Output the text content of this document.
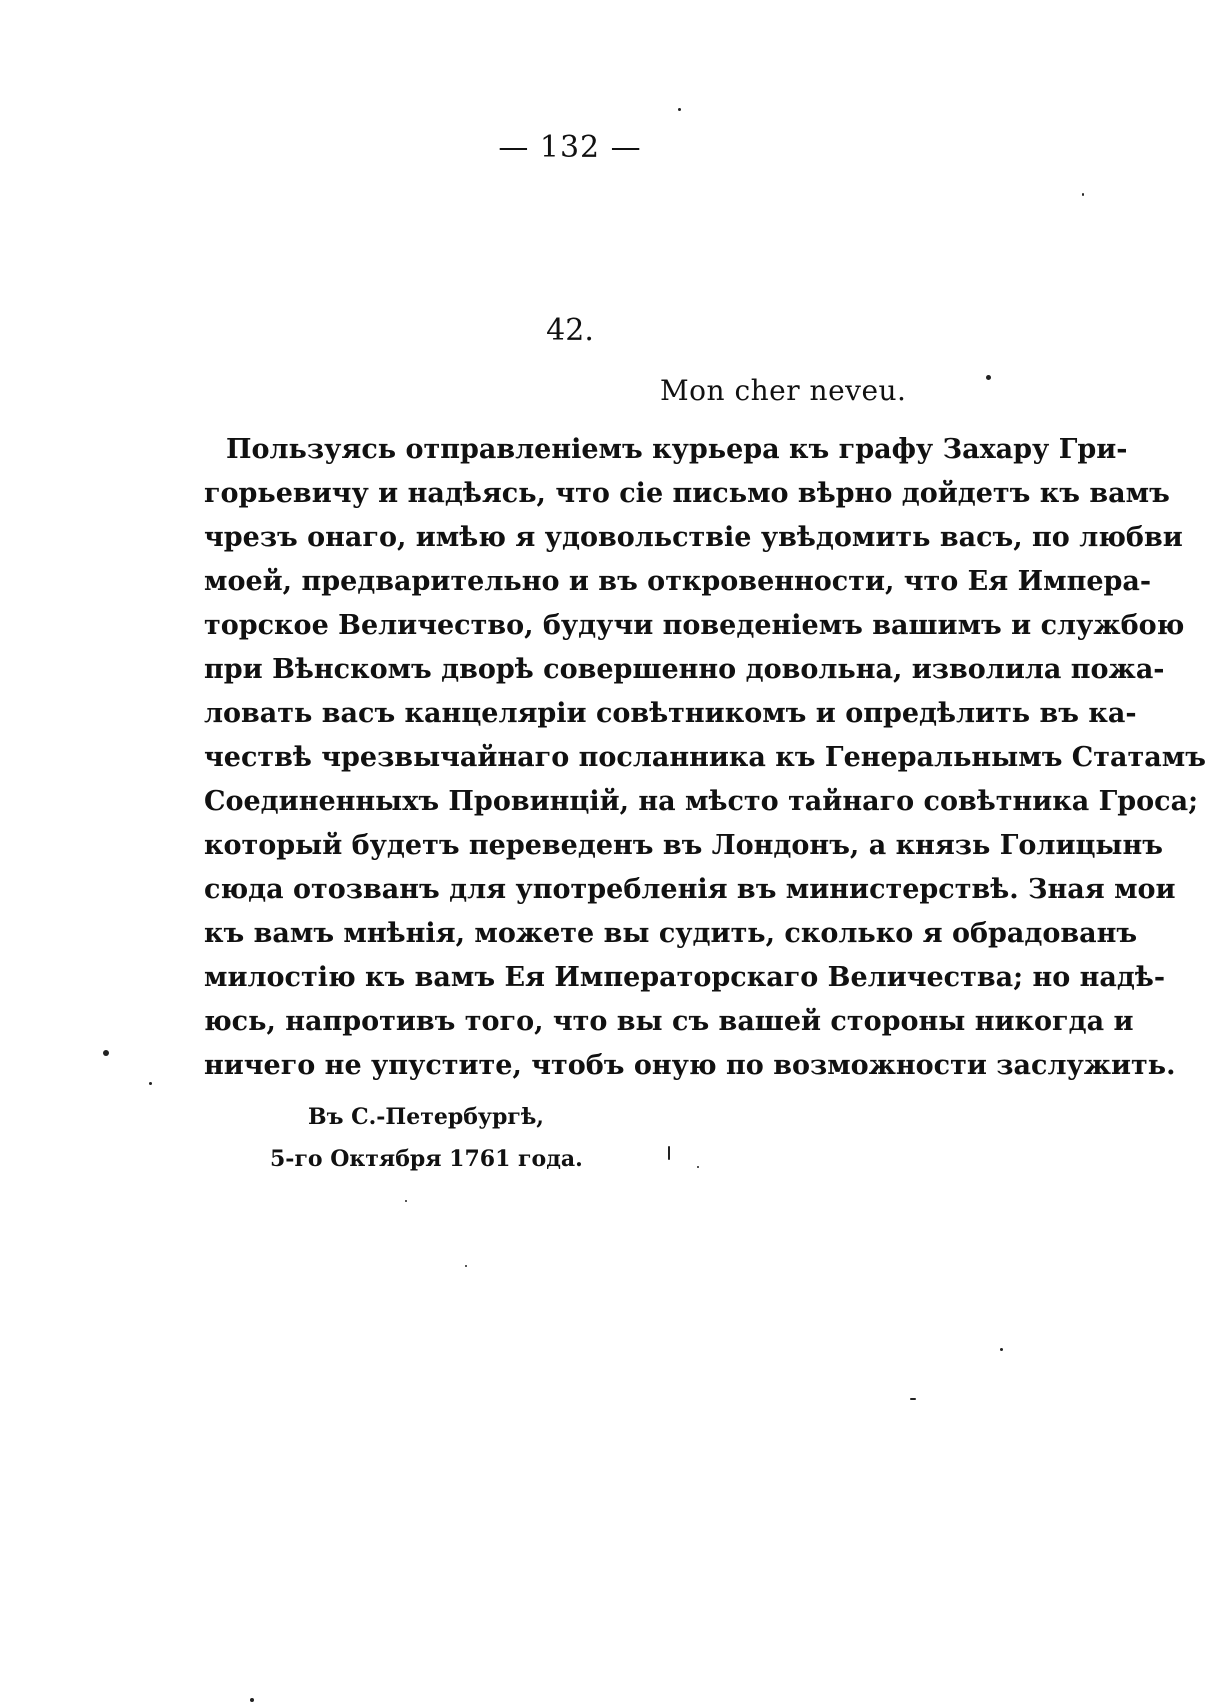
— 132 —
42.
Mon cher neveu.
Пользуясь отправленіемъ курьера къ графу Захару Гри-
горьевичу и надѣясь, что сіе письмо вѣрно дойдетъ къ вамъ
чрезъ онаго, имѣю я удовольствіе увѣдомить васъ, по любви
моей, предварительно и въ откровенности, что Ея Импера-
торское Величество, будучи поведеніемъ вашимъ и службою
при Вѣнскомъ дворѣ совершенно довольна, изволила пожа-
ловать васъ канцеляріи совѣтникомъ и опредѣлить въ ка-
чествѣ чрезвычайнаго посланника къ Генеральнымъ Статамъ
Соединенныхъ Провинцій, на мѣсто тайнаго совѣтника Гроса;
который будетъ переведенъ въ Лондонъ, а князь Голицынъ
сюда отозванъ для употребленія въ министерствѣ. Зная мои
къ вамъ мнѣнія, можете вы судить, сколько я обрадованъ
милостію къ вамъ Ея Императорскаго Величества; но надѣ-
юсь, напротивъ того, что вы съ вашей стороны никогда и
ничего не упустите, чтобъ оную по возможности заслужить.
Въ С.-Петербургѣ,
5-го Октября 1761 года.
